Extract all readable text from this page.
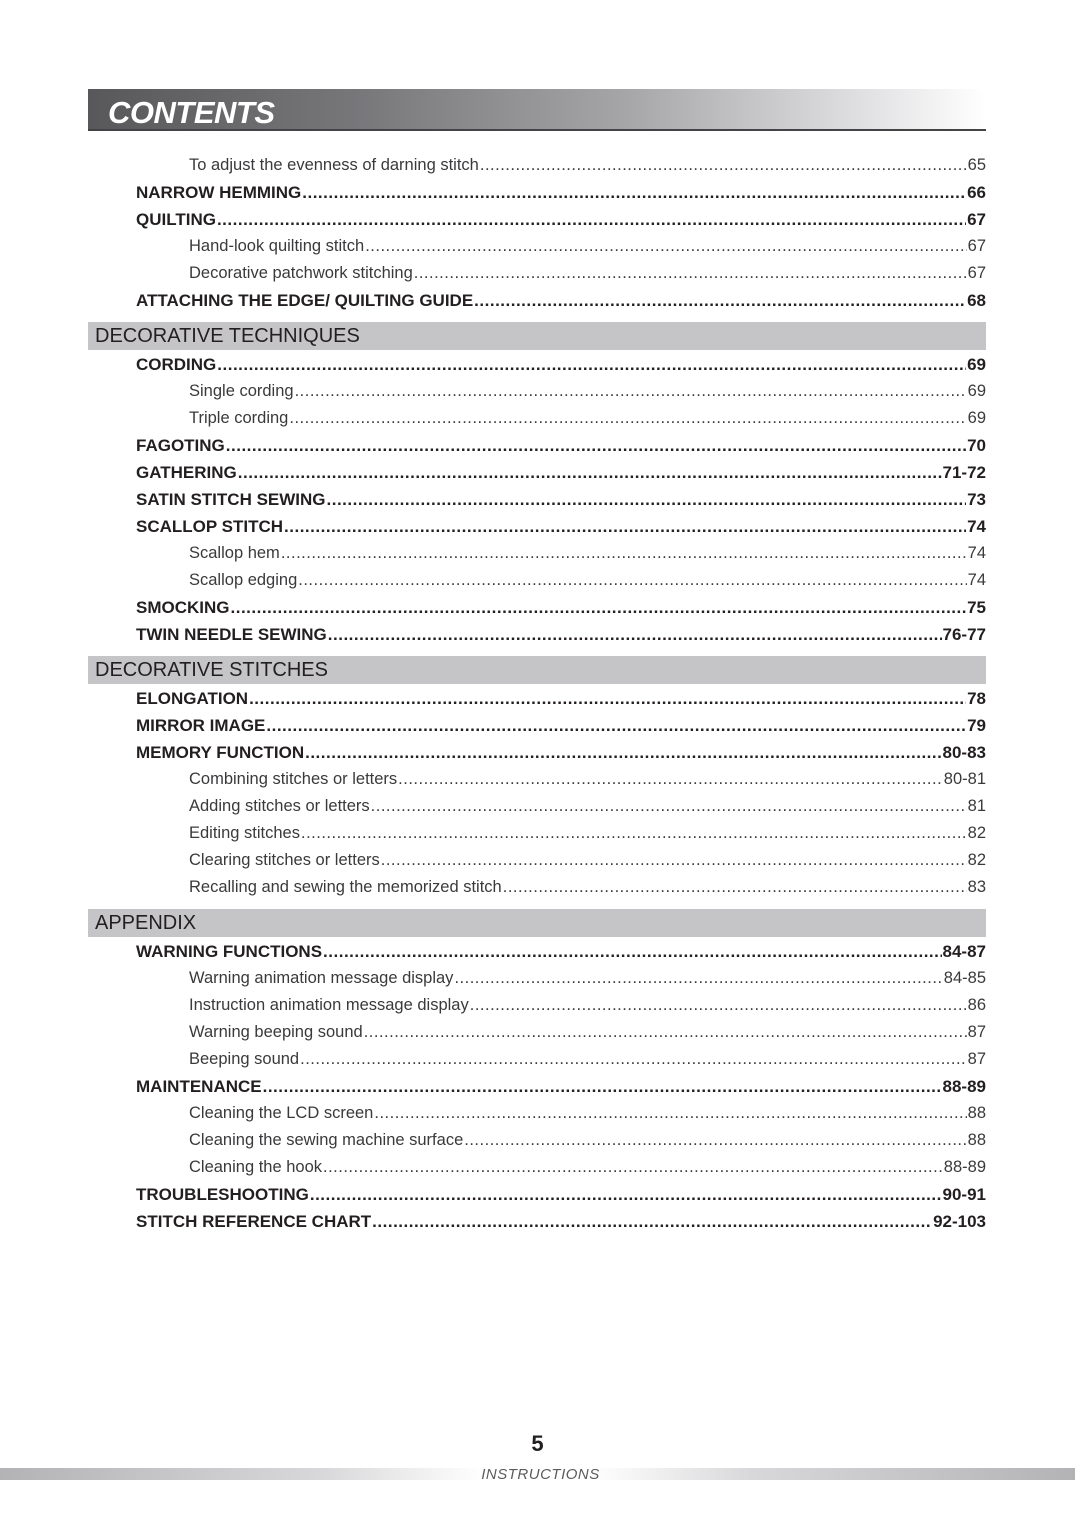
CONTENTS
To adjust the evenness of darning stitch .....	65
NARROW HEMMING .....	66
QUILTING .....	67
Hand-look quilting stitch .....	67
Decorative patchwork stitching .....	67
ATTACHING THE EDGE/ QUILTING GUIDE .....	68
DECORATIVE TECHNIQUES
CORDING .....	69
Single cording .....	69
Triple cording .....	69
FAGOTING .....	70
GATHERING .....	71-72
SATIN STITCH SEWING .....	73
SCALLOP STITCH .....	74
Scallop hem .....	74
Scallop edging .....	74
SMOCKING .....	75
TWIN NEEDLE SEWING .....	76-77
DECORATIVE STITCHES
ELONGATION .....	78
MIRROR IMAGE .....	79
MEMORY FUNCTION .....	80-83
Combining stitches or letters .....	80-81
Adding stitches or letters .....	81
Editing stitches .....	82
Clearing stitches or letters .....	82
Recalling and sewing the memorized stitch .....	83
APPENDIX
WARNING FUNCTIONS .....	84-87
Warning animation message display .....	84-85
Instruction animation message display .....	86
Warning beeping sound .....	87
Beeping sound .....	87
MAINTENANCE .....	88-89
Cleaning the LCD screen .....	88
Cleaning the sewing machine surface .....	88
Cleaning the hook .....	88-89
TROUBLESHOOTING .....	90-91
STITCH REFERENCE CHART .....	92-103
5
INSTRUCTIONS
